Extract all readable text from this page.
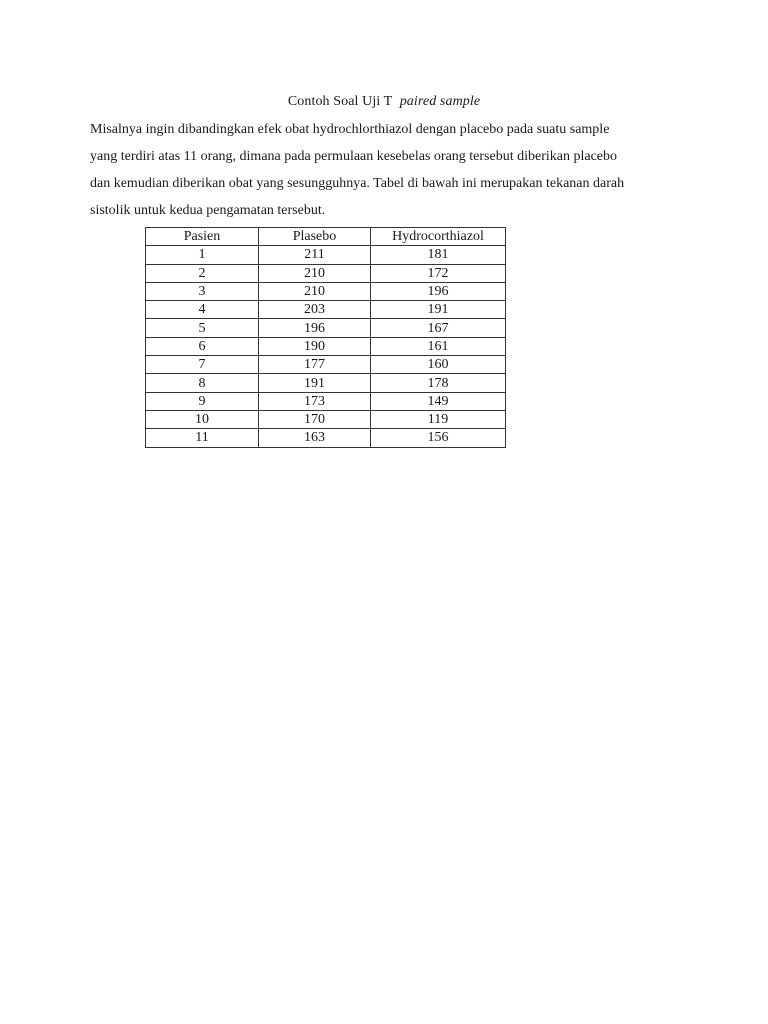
Contoh Soal Uji T paired sample
Misalnya ingin dibandingkan efek obat hydrochlorthiazol dengan placebo pada suatu sample
yang terdiri atas 11 orang, dimana pada permulaan kesebelas orang tersebut diberikan placebo
dan kemudian diberikan obat yang sesungguhnya. Tabel di bawah ini merupakan tekanan darah
sistolik untuk kedua pengamatan tersebut.
Pasien	Plasebo	Hydrocorthiazol
1	211	181
2	210	172
3	210	196
4	203	191
5	196	167
6	190	161
7	177	160
8	191	178
9	173	149
10	170	119
11	163	156
